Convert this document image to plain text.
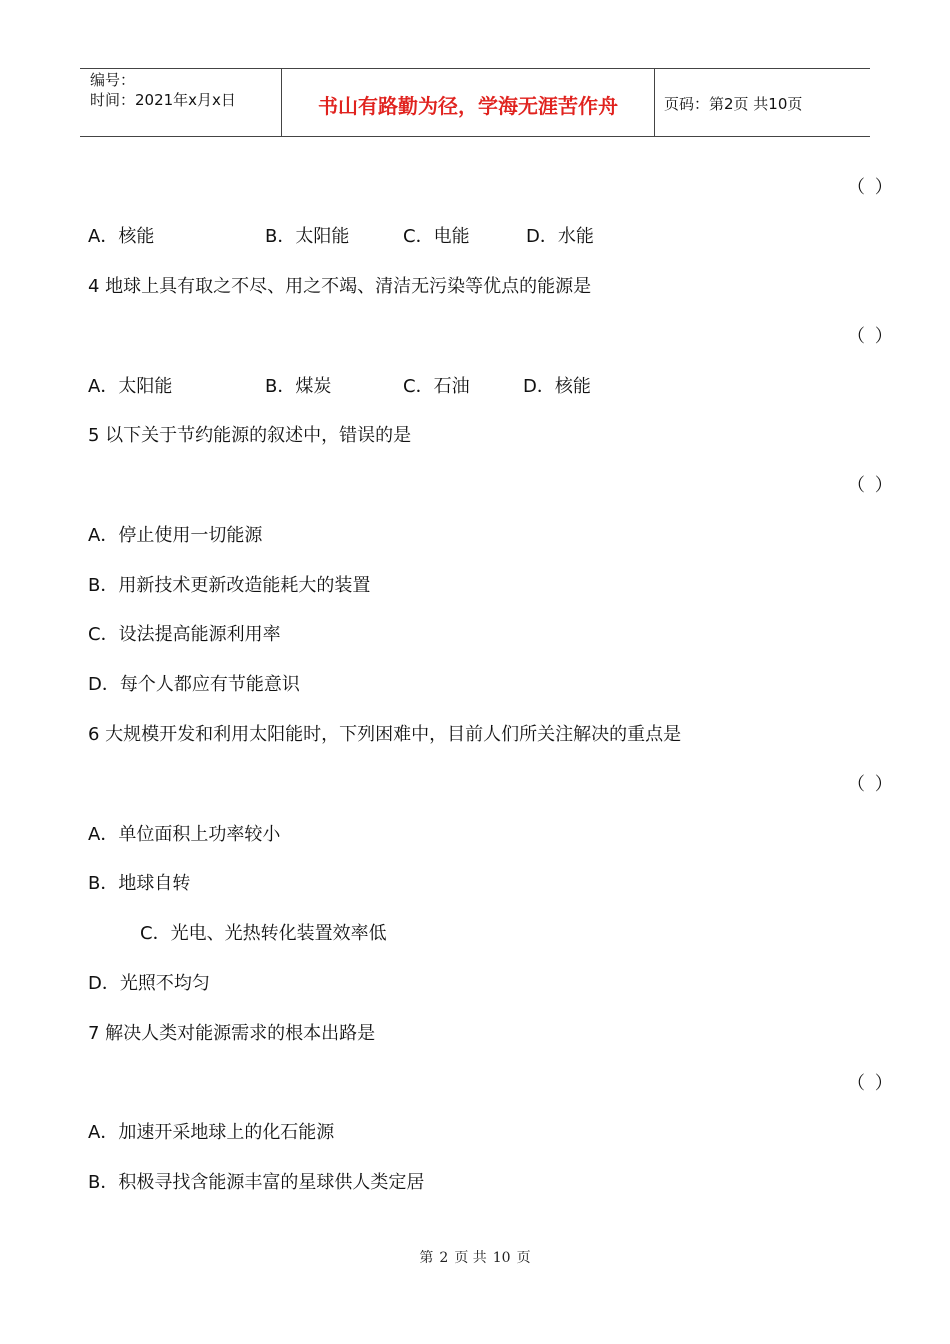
编号：
时间：2021年x月x日	书山有路勤为径，学海无涯苦作舟	页码：第2页 共10页
（ ）
A．核能	B．太阳能	C．电能	D．水能
4 地球上具有取之不尽、用之不竭、清洁无污染等优点的能源是
（ ）
A．太阳能	B．煤炭	C．石油	D．核能
5 以下关于节约能源的叙述中，错误的是
（ ）
A．停止使用一切能源
B．用新技术更新改造能耗大的装置
C．设法提高能源利用率
D．每个人都应有节能意识
6 大规模开发和利用太阳能时，下列困难中，目前人们所关注解决的重点是
（ ）
A．单位面积上功率较小
B．地球自转
C．光电、光热转化装置效率低
D．光照不均匀
7 解决人类对能源需求的根本出路是
（ ）
A．加速开采地球上的化石能源
B．积极寻找含能源丰富的星球供人类定居
第 2 页 共 10 页
